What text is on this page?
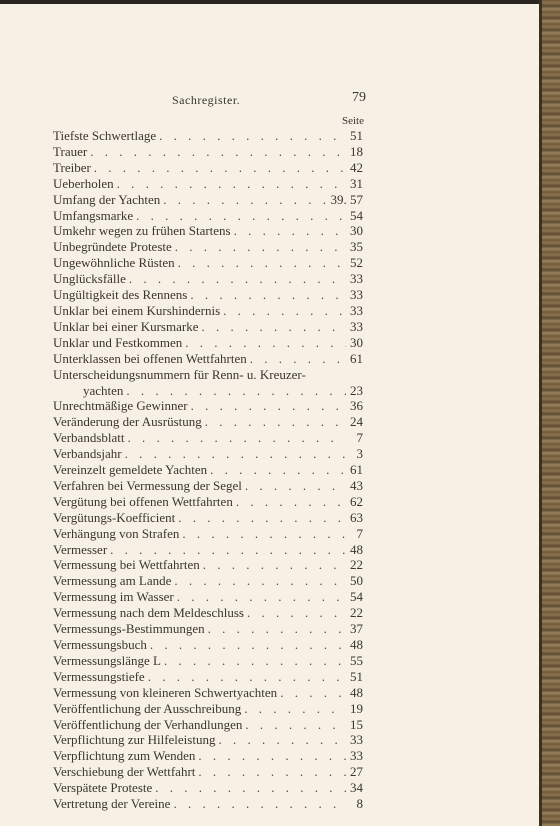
Sachregister.	79
Seite
Tiefste Schwertlage . . .	51
Trauer . . .	18
Treiber . . .	42
Ueberholen . . .	31
Umfang der Yachten . . .	39. 57
Umfangsmarke . . .	54
Umkehr wegen zu frühen Startens . . .	30
Unbegründete Proteste . . .	35
Ungewöhnliche Rüsten . . .	52
Unglücksfälle . . .	33
Ungültigkeit des Rennens . . .	33
Unklar bei einem Kurshindernis . . .	33
Unklar bei einer Kursmarke . . .	33
Unklar und Festkommen . . .	30
Unterklassen bei offenen Wettfahrten . . .	61
Unterscheidungsnummern für Renn- u. Kreuzer-
yachten . . .	23
Unrechtmäßige Gewinner . . .	36
Veränderung der Ausrüstung . . .	24
Verbandsblatt . . .	7
Verbandsjahr . . .	3
Vereinzelt gemeldete Yachten . . .	61
Verfahren bei Vermessung der Segel . . .	43
Vergütung bei offenen Wettfahrten . . .	62
Vergütungs-Koefficient . . .	63
Verhängung von Strafen . . .	7
Vermesser . . .	48
Vermessung bei Wettfahrten . . .	22
Vermessung am Lande . . .	50
Vermessung im Wasser . . .	54
Vermessung nach dem Meldeschluss . . .	22
Vermessungs-Bestimmungen . . .	37
Vermessungsbuch . . .	48
Vermessungslänge L . . .	55
Vermessungstiefe . . .	51
Vermessung von kleineren Schwertyachten . . .	48
Veröffentlichung der Ausschreibung . . .	19
Veröffentlichung der Verhandlungen . . .	15
Verpflichtung zur Hilfeleistung . . .	33
Verpflichtung zum Wenden . . .	33
Verschiebung der Wettfahrt . . .	27
Verspätete Proteste . . .	34
Vertretung der Vereine . . .	8
